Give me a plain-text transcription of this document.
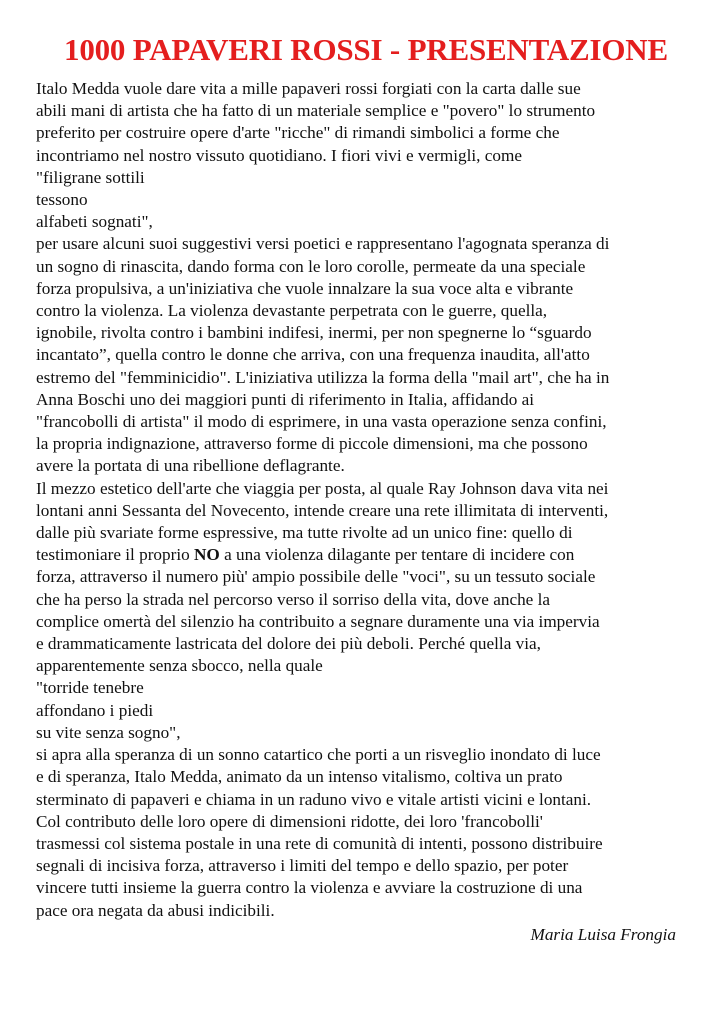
1000 PAPAVERI ROSSI - PRESENTAZIONE
Italo Medda vuole dare vita a mille papaveri rossi forgiati con la carta dalle sue
abili mani di artista che ha fatto di un materiale semplice e "povero" lo strumento
preferito per costruire opere d'arte "ricche" di rimandi simbolici a forme che
incontriamo nel nostro vissuto quotidiano. I fiori vivi e vermigli, come
"filigrane sottili
tessono
alfabeti sognati",
per usare alcuni suoi suggestivi versi poetici e rappresentano l'agognata speranza di
un sogno di rinascita, dando forma con le loro corolle, permeate da una speciale
forza propulsiva, a un'iniziativa che vuole innalzare la sua voce alta e vibrante
contro la violenza. La violenza devastante perpetrata con le guerre, quella,
ignobile, rivolta contro i bambini indifesi, inermi, per non spegnerne lo “sguardo
incantato”, quella contro le donne che arriva, con una frequenza inaudita, all'atto
estremo del "femminicidio". L'iniziativa utilizza la forma della "mail art", che ha in
Anna Boschi uno dei maggiori punti di riferimento in Italia, affidando ai
"francobolli di artista" il modo di esprimere, in una vasta operazione senza confini,
la propria indignazione, attraverso forme di piccole dimensioni, ma che possono
avere la portata di una ribellione deflagrante.
Il mezzo estetico dell'arte che viaggia per posta, al quale Ray Johnson dava vita nei
lontani anni Sessanta del Novecento, intende creare una rete illimitata di interventi,
dalle più svariate forme espressive, ma tutte rivolte ad un unico fine: quello di
testimoniare il proprio NO a una violenza dilagante per tentare di incidere con
forza, attraverso il numero più' ampio possibile delle "voci", su un tessuto sociale
che ha perso la strada nel percorso verso il sorriso della vita, dove anche la
complice omertà del silenzio ha contribuito a segnare duramente una via impervia
e drammaticamente lastricata del dolore dei più deboli. Perché quella via,
apparentemente senza sbocco, nella quale
"torride tenebre
affondano i piedi
su vite senza sogno",
si apra alla speranza di un sonno catartico che porti a un risveglio inondato di luce
e di speranza, Italo Medda, animato da un intenso vitalismo, coltiva un prato
sterminato di papaveri e chiama in un raduno vivo e vitale artisti vicini e lontani.
Col contributo delle loro opere di dimensioni ridotte, dei loro 'francobolli'
trasmessi col sistema postale in una rete di comunità di intenti, possono distribuire
segnali di incisiva forza, attraverso i limiti del tempo e dello spazio, per poter
vincere tutti insieme la guerra contro la violenza e avviare la costruzione di una
pace ora negata da abusi indicibili.
Maria Luisa Frongia
